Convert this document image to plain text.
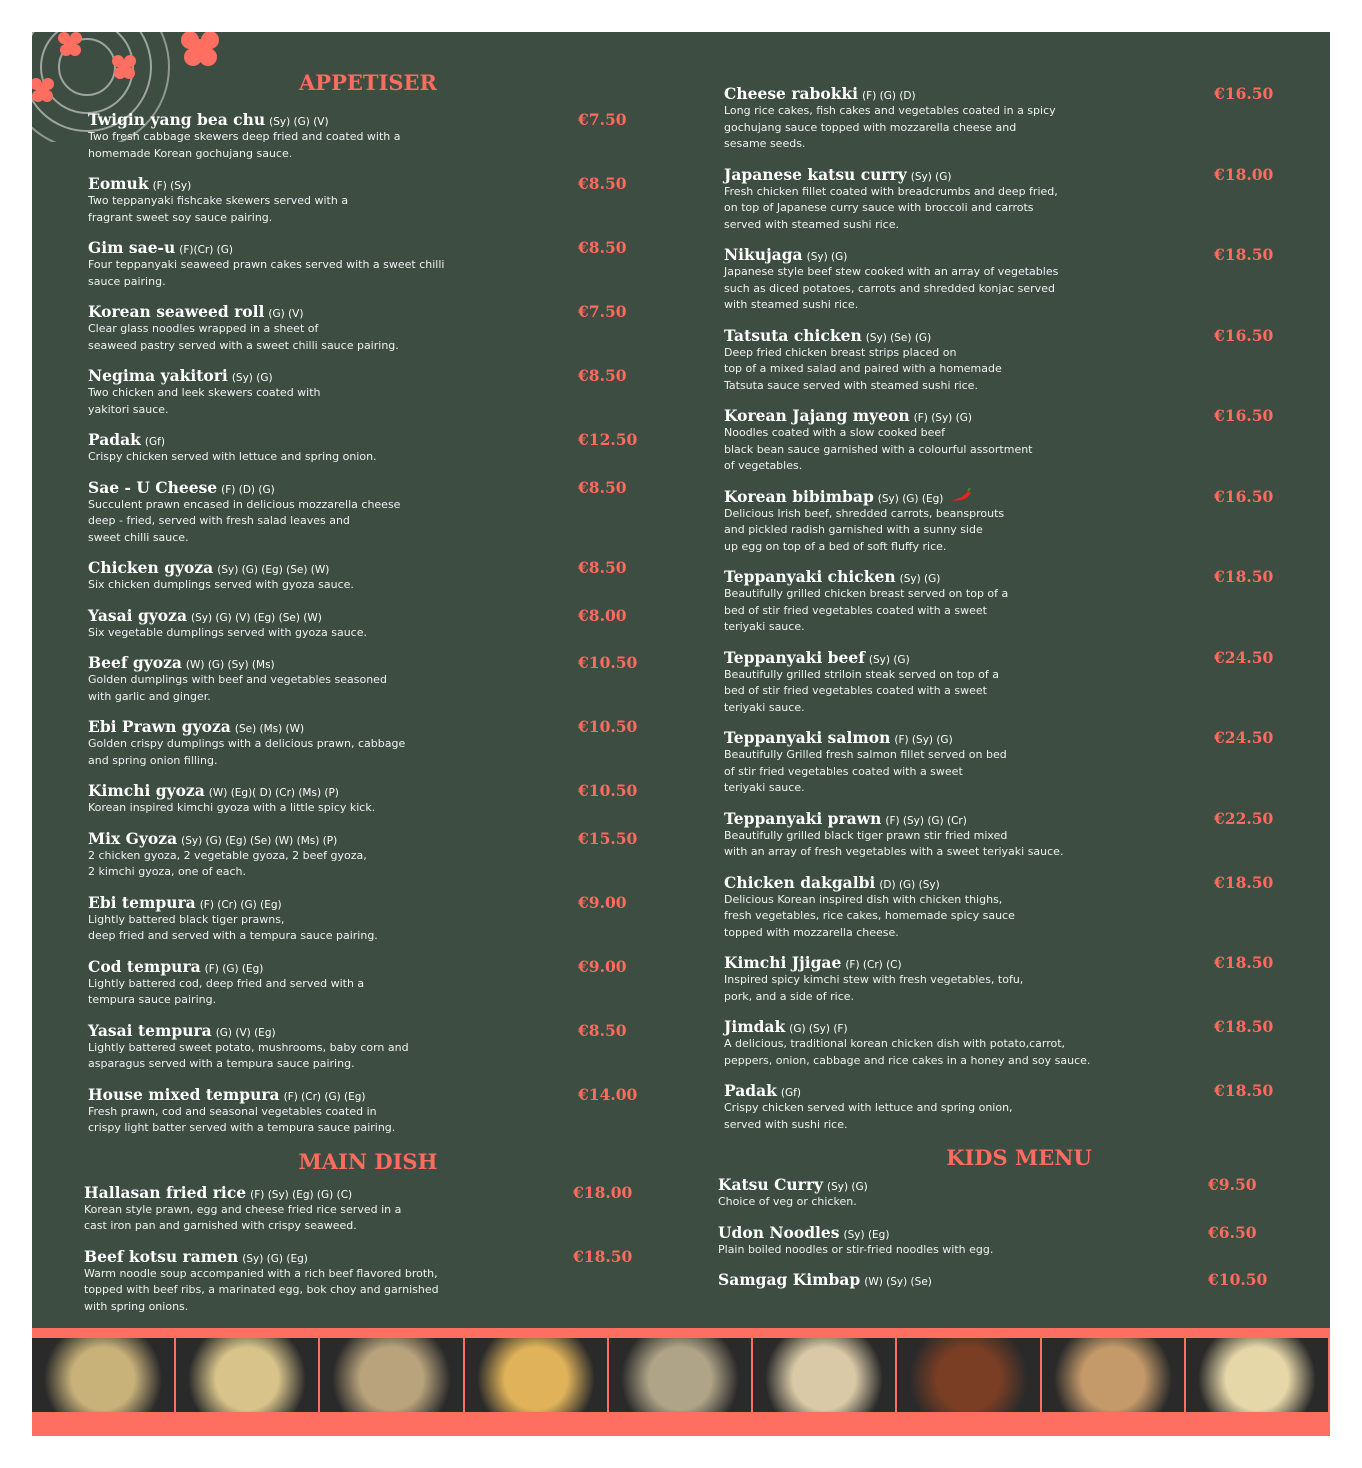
APPETISER
Twigin yang bea chu (Sy) (G) (V)	€7.50
Two fresh cabbage skewers deep fried and coated with a
homemade Korean gochujang sauce.
Eomuk (F) (Sy)	€8.50
Two teppanyaki fishcake skewers served with a
fragrant sweet soy sauce pairing.
Gim sae-u (F)(Cr) (G)	€8.50
Four teppanyaki seaweed prawn cakes served with a sweet chilli
sauce pairing.
Korean seaweed roll (G) (V)	€7.50
Clear glass noodles wrapped in a sheet of
seaweed pastry served with a sweet chilli sauce pairing.
Negima yakitori (Sy) (G)	€8.50
Two chicken and leek skewers coated with
yakitori sauce.
Padak (Gf)	€12.50
Crispy chicken served with lettuce and spring onion.
Sae - U Cheese (F) (D) (G)	€8.50
Succulent prawn encased in delicious mozzarella cheese
deep - fried, served with fresh salad leaves and
sweet chilli sauce.
Chicken gyoza (Sy) (G) (Eg) (Se) (W)	€8.50
Six chicken dumplings served with gyoza sauce.
Yasai gyoza (Sy) (G) (V) (Eg) (Se) (W)	€8.00
Six vegetable dumplings served with gyoza sauce.
Beef gyoza (W) (G) (Sy) (Ms)	€10.50
Golden dumplings with beef and vegetables seasoned
with garlic and ginger.
Ebi Prawn gyoza (Se) (Ms) (W)	€10.50
Golden crispy dumplings with a delicious prawn, cabbage
and spring onion filling.
Kimchi gyoza (W) (Eg)( D) (Cr) (Ms) (P)	€10.50
Korean inspired kimchi gyoza with a little spicy kick.
Mix Gyoza (Sy) (G) (Eg) (Se) (W) (Ms) (P)	€15.50
2 chicken gyoza, 2 vegetable gyoza, 2 beef gyoza,
2 kimchi gyoza, one of each.
Ebi tempura (F) (Cr) (G) (Eg)	€9.00
Lightly battered black tiger prawns,
deep fried and served with a tempura sauce pairing.
Cod tempura (F) (G) (Eg)	€9.00
Lightly battered cod, deep fried and served with a
tempura sauce pairing.
Yasai tempura (G) (V) (Eg)	€8.50
Lightly battered sweet potato, mushrooms, baby corn and
asparagus served with a tempura sauce pairing.
House mixed tempura (F) (Cr) (G) (Eg)	€14.00
Fresh prawn, cod and seasonal vegetables coated in
crispy light batter served with a tempura sauce pairing.
MAIN DISH
Hallasan fried rice (F) (Sy) (Eg) (G) (C)	€18.00
Korean style prawn, egg and cheese fried rice served in a
cast iron pan and garnished with crispy seaweed.
Beef kotsu ramen (Sy) (G) (Eg)	€18.50
Warm noodle soup accompanied with a rich beef flavored broth,
topped with beef ribs, a marinated egg, bok choy and garnished
with spring onions.
Cheese rabokki (F) (G) (D)	€16.50
Long rice cakes, fish cakes and vegetables coated in a spicy
gochujang sauce topped with mozzarella cheese and
sesame seeds.
Japanese katsu curry (Sy) (G)	€18.00
Fresh chicken fillet coated with breadcrumbs and deep fried,
on top of Japanese curry sauce with broccoli and carrots
served with steamed sushi rice.
Nikujaga (Sy) (G)	€18.50
Japanese style beef stew cooked with an array of vegetables
such as diced potatoes, carrots and shredded konjac served
with steamed sushi rice.
Tatsuta chicken (Sy) (Se) (G)	€16.50
Deep fried chicken breast strips placed on
top of a mixed salad and paired with a homemade
Tatsuta sauce served with steamed sushi rice.
Korean Jajang myeon (F) (Sy) (G)	€16.50
Noodles coated with a slow cooked beef
black bean sauce garnished with a colourful assortment
of vegetables.
Korean bibimbap (Sy) (G) (Eg)	€16.50
Delicious Irish beef, shredded carrots, beansprouts
and pickled radish garnished with a sunny side
up egg on top of a bed of soft fluffy rice.
Teppanyaki chicken (Sy) (G)	€18.50
Beautifully grilled chicken breast served on top of a
bed of stir fried vegetables coated with a sweet
teriyaki sauce.
Teppanyaki beef (Sy) (G)	€24.50
Beautifully grilled striloin steak served on top of a
bed of stir fried vegetables coated with a sweet
teriyaki sauce.
Teppanyaki salmon (F) (Sy) (G)	€24.50
Beautifully Grilled fresh salmon fillet served on bed
of stir fried vegetables coated with a sweet
teriyaki sauce.
Teppanyaki prawn (F) (Sy) (G) (Cr)	€22.50
Beautifully grilled black tiger prawn stir fried mixed
with an array of fresh vegetables with a sweet teriyaki sauce.
Chicken dakgalbi (D) (G) (Sy)	€18.50
Delicious Korean inspired dish with chicken thighs,
fresh vegetables, rice cakes, homemade spicy sauce
topped with mozzarella cheese.
Kimchi Jjigae (F) (Cr) (C)	€18.50
Inspired spicy kimchi stew with fresh vegetables, tofu,
pork, and a side of rice.
Jimdak (G) (Sy) (F)	€18.50
A delicious, traditional korean chicken dish with potato,carrot,
peppers, onion, cabbage and rice cakes in a honey and soy sauce.
Padak (Gf)	€18.50
Crispy chicken served with lettuce and spring onion,
served with sushi rice.
KIDS MENU
Katsu Curry (Sy) (G)	€9.50
Choice of veg or chicken.
Udon Noodles (Sy) (Eg)	€6.50
Plain boiled noodles or stir-fried noodles with egg.
Samgag Kimbap (W) (Sy) (Se)	€10.50
